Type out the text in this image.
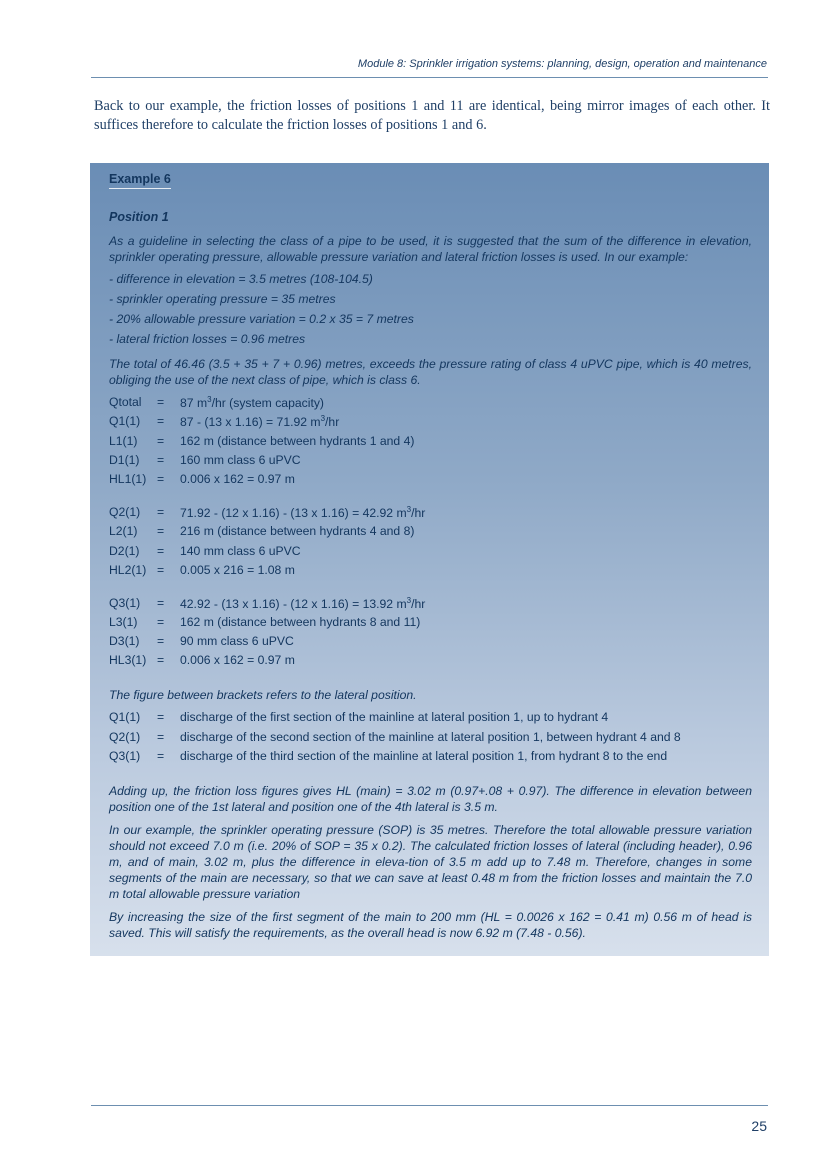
Module 8: Sprinkler irrigation systems: planning, design, operation and maintenance

Back to our example, the friction losses of positions 1 and 11 are identical, being mirror images of each other. It suffices therefore to calculate the friction losses of positions 1 and 6.

Example 6
Position 1

As a guideline in selecting the class of a pipe to be used, it is suggested that the sum of the difference in elevation, sprinkler operating pressure, allowable pressure variation and lateral friction losses is used. In our example:

- difference in elevation = 3.5 metres (108-104.5)
- sprinkler operating pressure = 35 metres
- 20% allowable pressure variation = 0.2 x 35 = 7 metres
- lateral friction losses = 0.96 metres

The total of 46.46 (3.5 + 35 + 7 + 0.96) metres, exceeds the pressure rating of class 4 uPVC pipe, which is 40 metres, obliging the use of the next class of pipe, which is class 6.

Qtotal = 87 $m^3/hr$ (system capacity)
Q1(1) = 87 - (13 x 1.16) = 71.92 $m^3/hr$
L1(1) = 162 m (distance between hydrants 1 and 4)
D1(1) = 160 mm class 6 uPVC
HL1(1) = 0.006 x 162 = 0.97 m
Q2(1) = 71.92 - (12 x 1.16) - (13 x 1.16) = 42.92 $m^3/hr$
L2(1) = 216 m (distance between hydrants 4 and 8)
D2(1) = 140 mm class 6 uPVC
HL2(1) = 0.005 x 216 = 1.08 m
Q3(1) = 42.92 - (13 x 1.16) - (12 x 1.16) = 13.92 $m^3/hr$
L3(1) = 162 m (distance between hydrants 8 and 11)
D3(1) = 90 mm class 6 uPVC
HL3(1) = 0.006 x 162 = 0.97 m

The figure between brackets refers to the lateral position.

Q1(1) = discharge of the first section of the mainline at lateral position 1, up to hydrant 4
Q2(1) = discharge of the second section of the mainline at lateral position 1, between hydrant 4 and 8
Q3(1) = discharge of the third section of the mainline at lateral position 1, from hydrant 8 to the end

Adding up, the friction loss figures gives HL (main) = 3.02 m (0.97+.08 + 0.97). The difference in elevation between position one of the 1st lateral and position one of the 4th lateral is 3.5 m.

In our example, the sprinkler operating pressure (SOP) is 35 metres. Therefore the total allowable pressure variation should not exceed 7.0 m (i.e. 20% of SOP = 35 x 0.2). The calculated friction losses of lateral (including header), 0.96 m, and of main, 3.02 m, plus the difference in eleva-tion of 3.5 m add up to 7.48 m. Therefore, changes in some segments of the main are necessary, so that we can save at least 0.48 m from the friction losses and maintain the 7.0 m total allowable pressure variation

By increasing the size of the first segment of the main to 200 mm (HL = 0.0026 x 162 = 0.41 m) 0.56 m of head is saved. This will satisfy the requirements, as the overall head is now 6.92 m (7.48 - 0.56).

25
